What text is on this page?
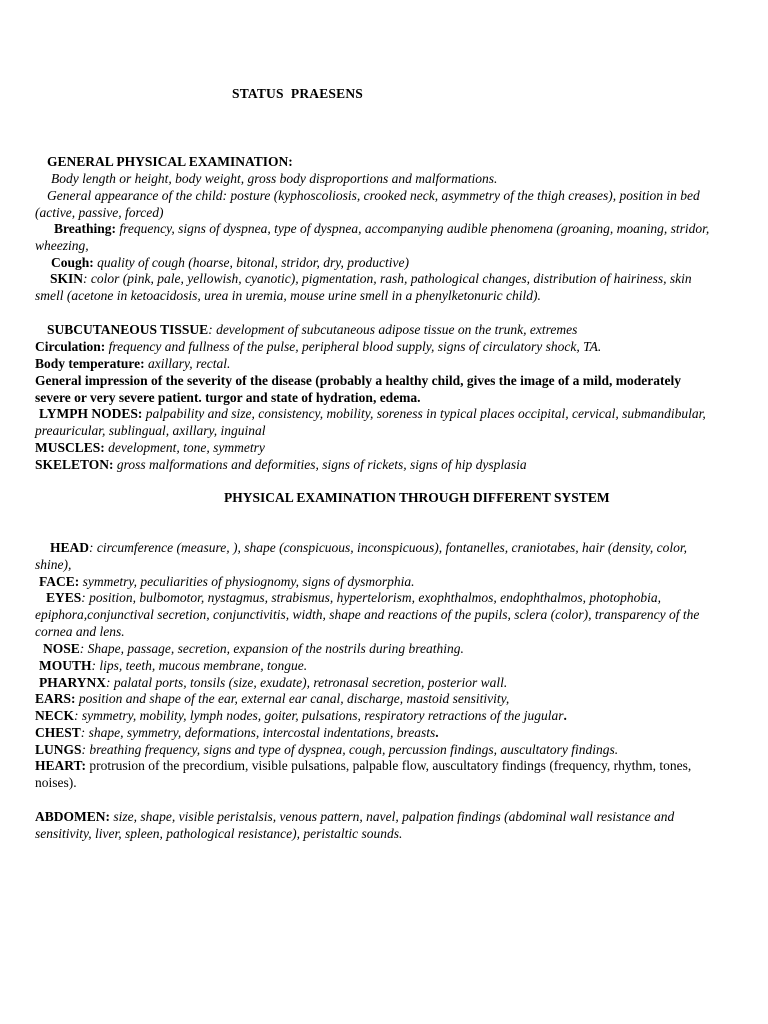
STATUS  PRAESENS
GENERAL PHYSICAL EXAMINATION:

Body length or height, body weight, gross body disproportions and malformations.

General appearance of the child: posture (kyphoscoliosis, crooked neck, asymmetry of the thigh creases), position in bed (active, passive, forced)

Breathing: frequency, signs of dyspnea, type of dyspnea, accompanying audible phenomena (groaning, moaning, stridor, wheezing,

Cough: quality of cough (hoarse, bitonal, stridor, dry, productive)

SKIN: color (pink, pale, yellowish, cyanotic), pigmentation, rash, pathological changes, distribution of hairiness, skin smell (acetone in ketoacidosis, urea in uremia, mouse urine smell in a phenylketonuric child).

SUBCUTANEOUS TISSUE: development of subcutaneous adipose tissue on the trunk, extremes

Circulation: frequency and fullness of the pulse, peripheral blood supply, signs of circulatory shock, TA.

Body temperature: axillary, rectal.

General impression of the severity of the disease (probably a healthy child, gives the image of a mild, moderately severe or very severe patient. turgor and state of hydration, edema.

LYMPH NODES: palpability and size, consistency, mobility, soreness in typical places occipital, cervical, submandibular, preauricular, sublingual, axillary, inguinal

MUSCLES: development, tone, symmetry

SKELETON: gross malformations and deformities, signs of rickets, signs of hip dysplasia

PHYSICAL EXAMINATION THROUGH DIFFERENT SYSTEM

HEAD: circumference (measure, ), shape (conspicuous, inconspicuous), fontanelles, craniotabes, hair (density, color, shine),

FACE: symmetry, peculiarities of physiognomy, signs of dysmorphia.

EYES: position, bulbomotor, nystagmus, strabismus, hypertelorism, exophthalmos, endophthalmos, photophobia, epiphora,conjunctival secretion, conjunctivitis, width, shape and reactions of the pupils, sclera (color), transparency of the cornea and lens.

NOSE: Shape, passage, secretion, expansion of the nostrils during breathing.

MOUTH: lips, teeth, mucous membrane, tongue.

PHARYNX: palatal ports, tonsils (size, exudate), retronasal secretion, posterior wall.

EARS: position and shape of the ear, external ear canal, discharge, mastoid sensitivity,

NECK: symmetry, mobility, lymph nodes, goiter, pulsations, respiratory retractions of the jugular.

CHEST: shape, symmetry, deformations, intercostal indentations, breasts.

LUNGS: breathing frequency, signs and type of dyspnea, cough, percussion findings, auscultatory findings.

HEART: protrusion of the precordium, visible pulsations, palpable flow, auscultatory findings (frequency, rhythm, tones, noises).

ABDOMEN: size, shape, visible peristalsis, venous pattern, navel, palpation findings (abdominal wall resistance and sensitivity, liver, spleen, pathological resistance), peristaltic sounds.
